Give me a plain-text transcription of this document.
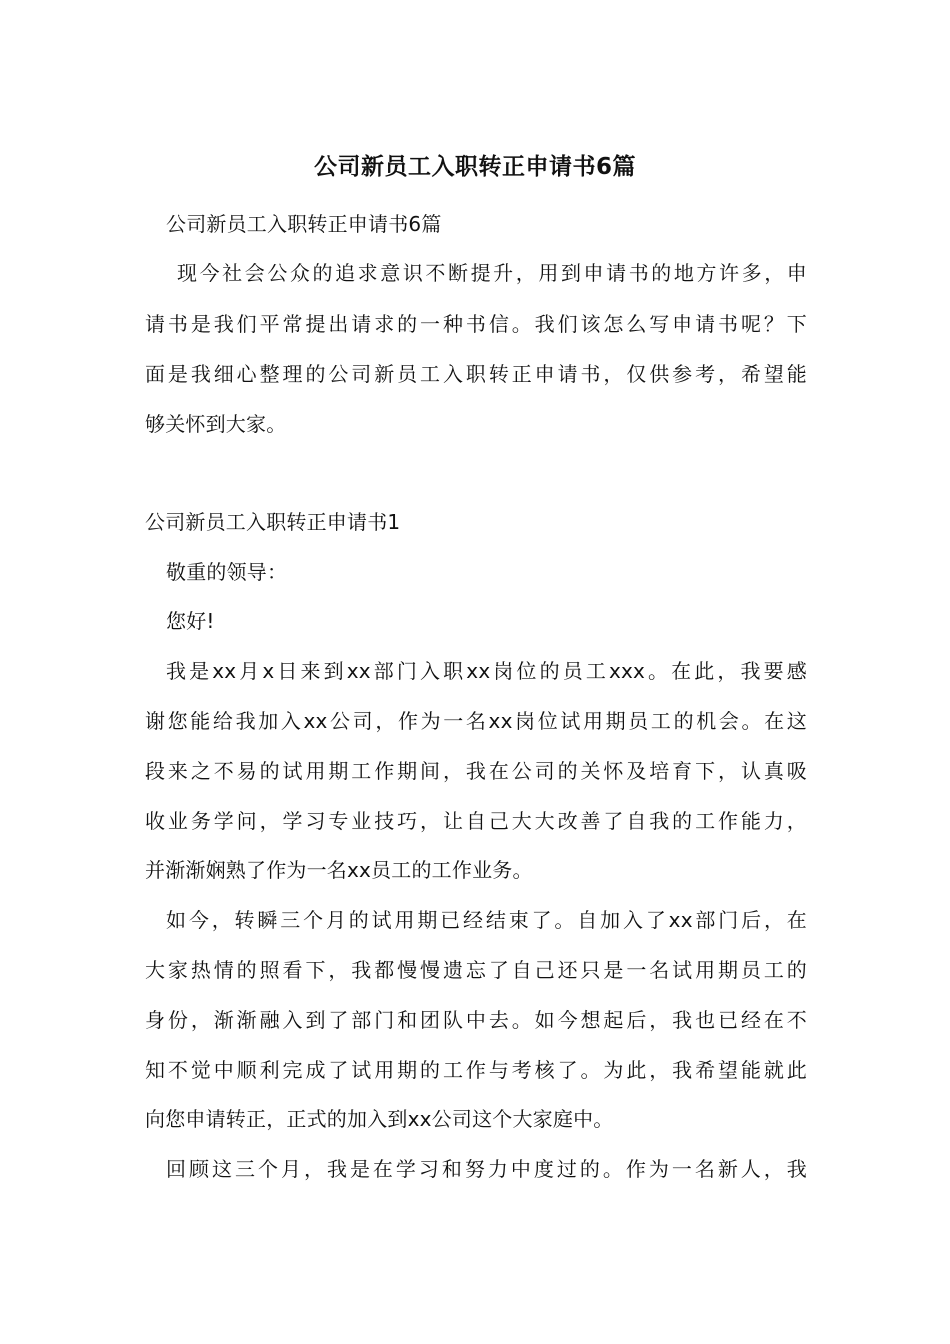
公司新员工入职转正申请书6篇
公司新员工入职转正申请书6篇
现今社会公众的追求意识不断提升，用到申请书的地方许多，申
请书是我们平常提出请求的一种书信。我们该怎么写申请书呢？下
面是我细心整理的公司新员工入职转正申请书，仅供参考，希望能
够关怀到大家。
公司新员工入职转正申请书1
敬重的领导：
您好!
我是xx月x日来到xx部门入职xx岗位的员工xxx。在此，我要感
谢您能给我加入xx公司，作为一名xx岗位试用期员工的机会。在这
段来之不易的试用期工作期间，我在公司的关怀及培育下，认真吸
收业务学问，学习专业技巧，让自己大大改善了自我的工作能力，
并渐渐娴熟了作为一名xx员工的工作业务。
如今，转瞬三个月的试用期已经结束了。自加入了xx部门后，在
大家热情的照看下，我都慢慢遗忘了自己还只是一名试用期员工的
身份，渐渐融入到了部门和团队中去。如今想起后，我也已经在不
知不觉中顺利完成了试用期的工作与考核了。为此，我希望能就此
向您申请转正，正式的加入到xx公司这个大家庭中。
回顾这三个月，我是在学习和努力中度过的。作为一名新人，我
